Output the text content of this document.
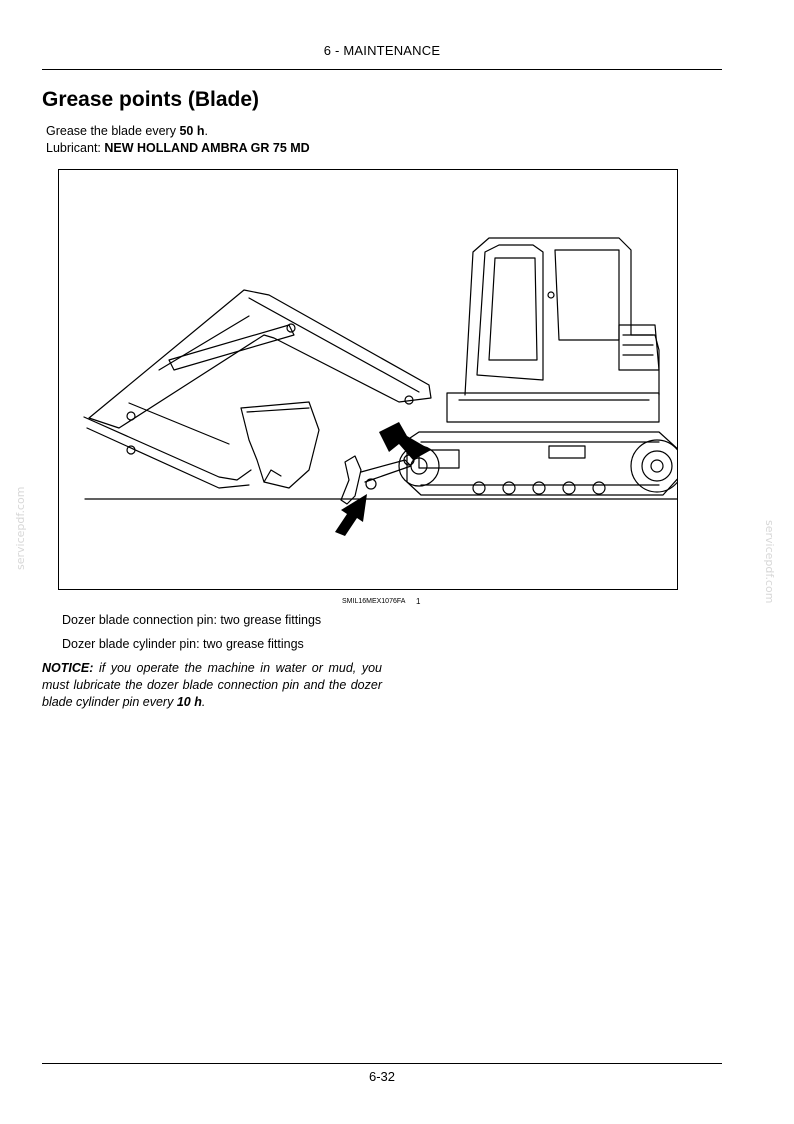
6 - MAINTENANCE
Grease points (Blade)
Grease the blade every 50 h.
Lubricant: NEW HOLLAND AMBRA GR 75 MD
SMIL16MEX1076FA 1
Dozer blade connection pin: two grease fittings
Dozer blade cylinder pin: two grease fittings
NOTICE: if you operate the machine in water or mud, you must lubricate the dozer blade connection pin and the dozer blade cylinder pin every 10 h.
servicepdf.com	servicepdf.com
6-32
